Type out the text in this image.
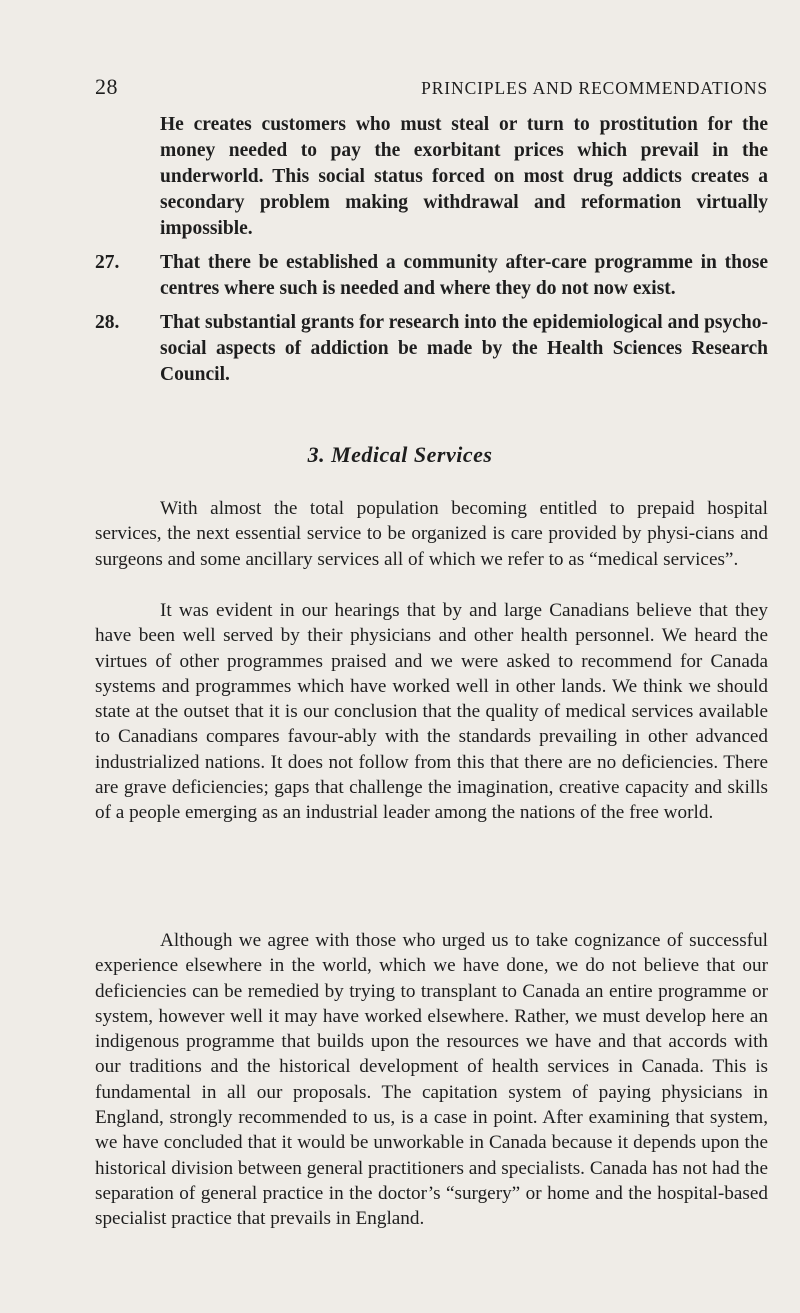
28	PRINCIPLES AND RECOMMENDATIONS

He creates customers who must steal or turn to prostitution for the money needed to pay the exorbitant prices which prevail in the underworld. This social status forced on most drug addicts creates a secondary problem making withdrawal and reformation virtually impossible.

27. That there be established a community after-care programme in those centres where such is needed and where they do not now exist.

28. That substantial grants for research into the epidemiological and psycho-social aspects of addiction be made by the Health Sciences Research Council.

3. Medical Services

With almost the total population becoming entitled to prepaid hospital services, the next essential service to be organized is care provided by physi-cians and surgeons and some ancillary services all of which we refer to as “medical services”.

It was evident in our hearings that by and large Canadians believe that they have been well served by their physicians and other health personnel. We heard the virtues of other programmes praised and we were asked to recommend for Canada systems and programmes which have worked well in other lands. We think we should state at the outset that it is our conclusion that the quality of medical services available to Canadians compares favour-ably with the standards prevailing in other advanced industrialized nations. It does not follow from this that there are no deficiencies. There are grave deficiencies; gaps that challenge the imagination, creative capacity and skills of a people emerging as an industrial leader among the nations of the free world.

Although we agree with those who urged us to take cognizance of successful experience elsewhere in the world, which we have done, we do not believe that our deficiencies can be remedied by trying to transplant to Canada an entire programme or system, however well it may have worked elsewhere. Rather, we must develop here an indigenous programme that builds upon the resources we have and that accords with our traditions and the historical development of health services in Canada. This is fundamental in all our proposals. The capitation system of paying physicians in England, strongly recommended to us, is a case in point. After examining that system, we have concluded that it would be unworkable in Canada because it depends upon the historical division between general practitioners and specialists. Canada has not had the separation of general practice in the doctor’s “surgery” or home and the hospital-based specialist practice that prevails in England.
